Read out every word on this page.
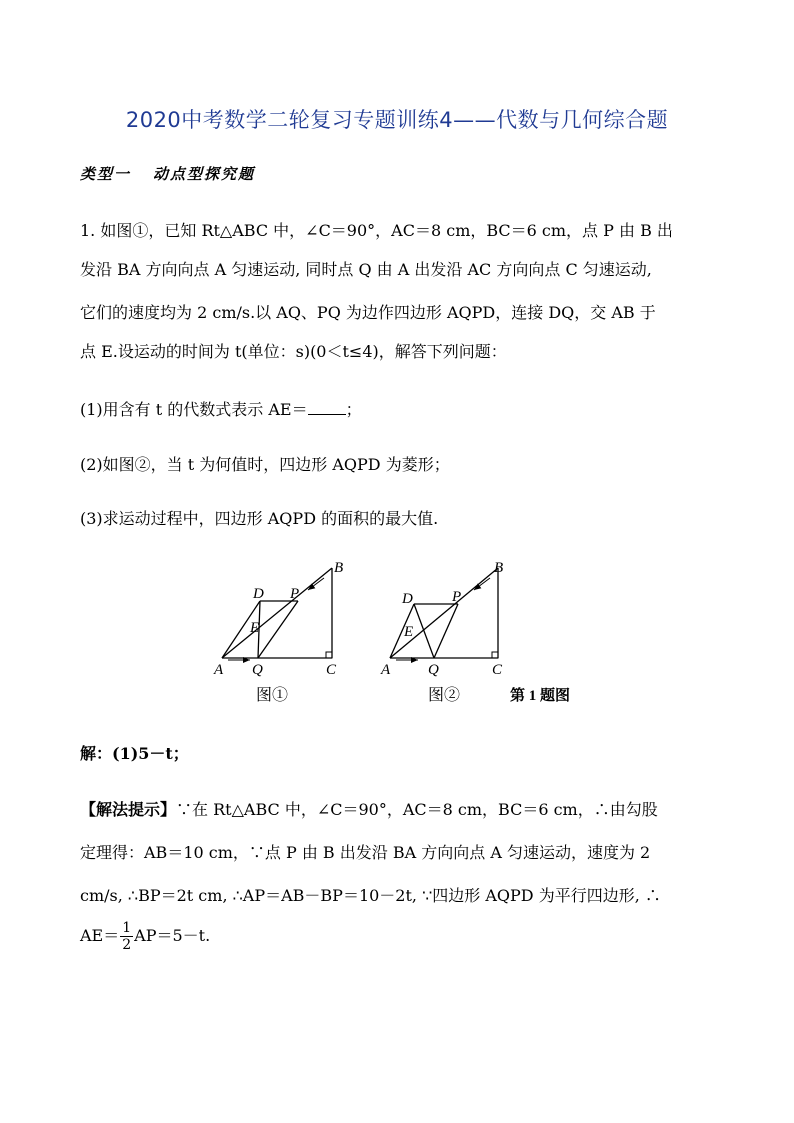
2020中考数学二轮复习专题训练4——代数与几何综合题
类型一 动点型探究题
1. 如图①，已知 Rt△ABC 中，∠C＝90°，AC＝8 cm，BC＝6 cm，点 P 由 B 出
发沿 BA 方向向点 A 匀速运动, 同时点 Q 由 A 出发沿 AC 方向向点 C 匀速运动,
它们的速度均为 2 cm/s.以 AQ、PQ 为边作四边形 AQPD，连接 DQ，交 AB 于
点 E.设运动的时间为 t(单位：s)(0＜t≤4)，解答下列问题：
(1)用含有 t 的代数式表示 AE＝ ；
(2)如图②，当 t 为何值时，四边形 AQPD 为菱形；
(3)求运动过程中，四边形 AQPD 的面积的最大值.
A
B
C
D
E
P
Q
图①
A
B
C
D
E
P
Q
图②	第 1 题图
解：(1)5－t；
【解法提示】∵在 Rt△ABC 中，∠C＝90°，AC＝8 cm，BC＝6 cm，∴由勾股
定理得：AB＝10 cm，∵点 P 由 B 出发沿 BA 方向向点 A 匀速运动，速度为 2
cm/s, ∴BP＝2t cm, ∴AP＝AB－BP＝10－2t, ∵四边形 AQPD 为平行四边形, ∴
$AE= \frac{1}{2} AP=5-t$.
